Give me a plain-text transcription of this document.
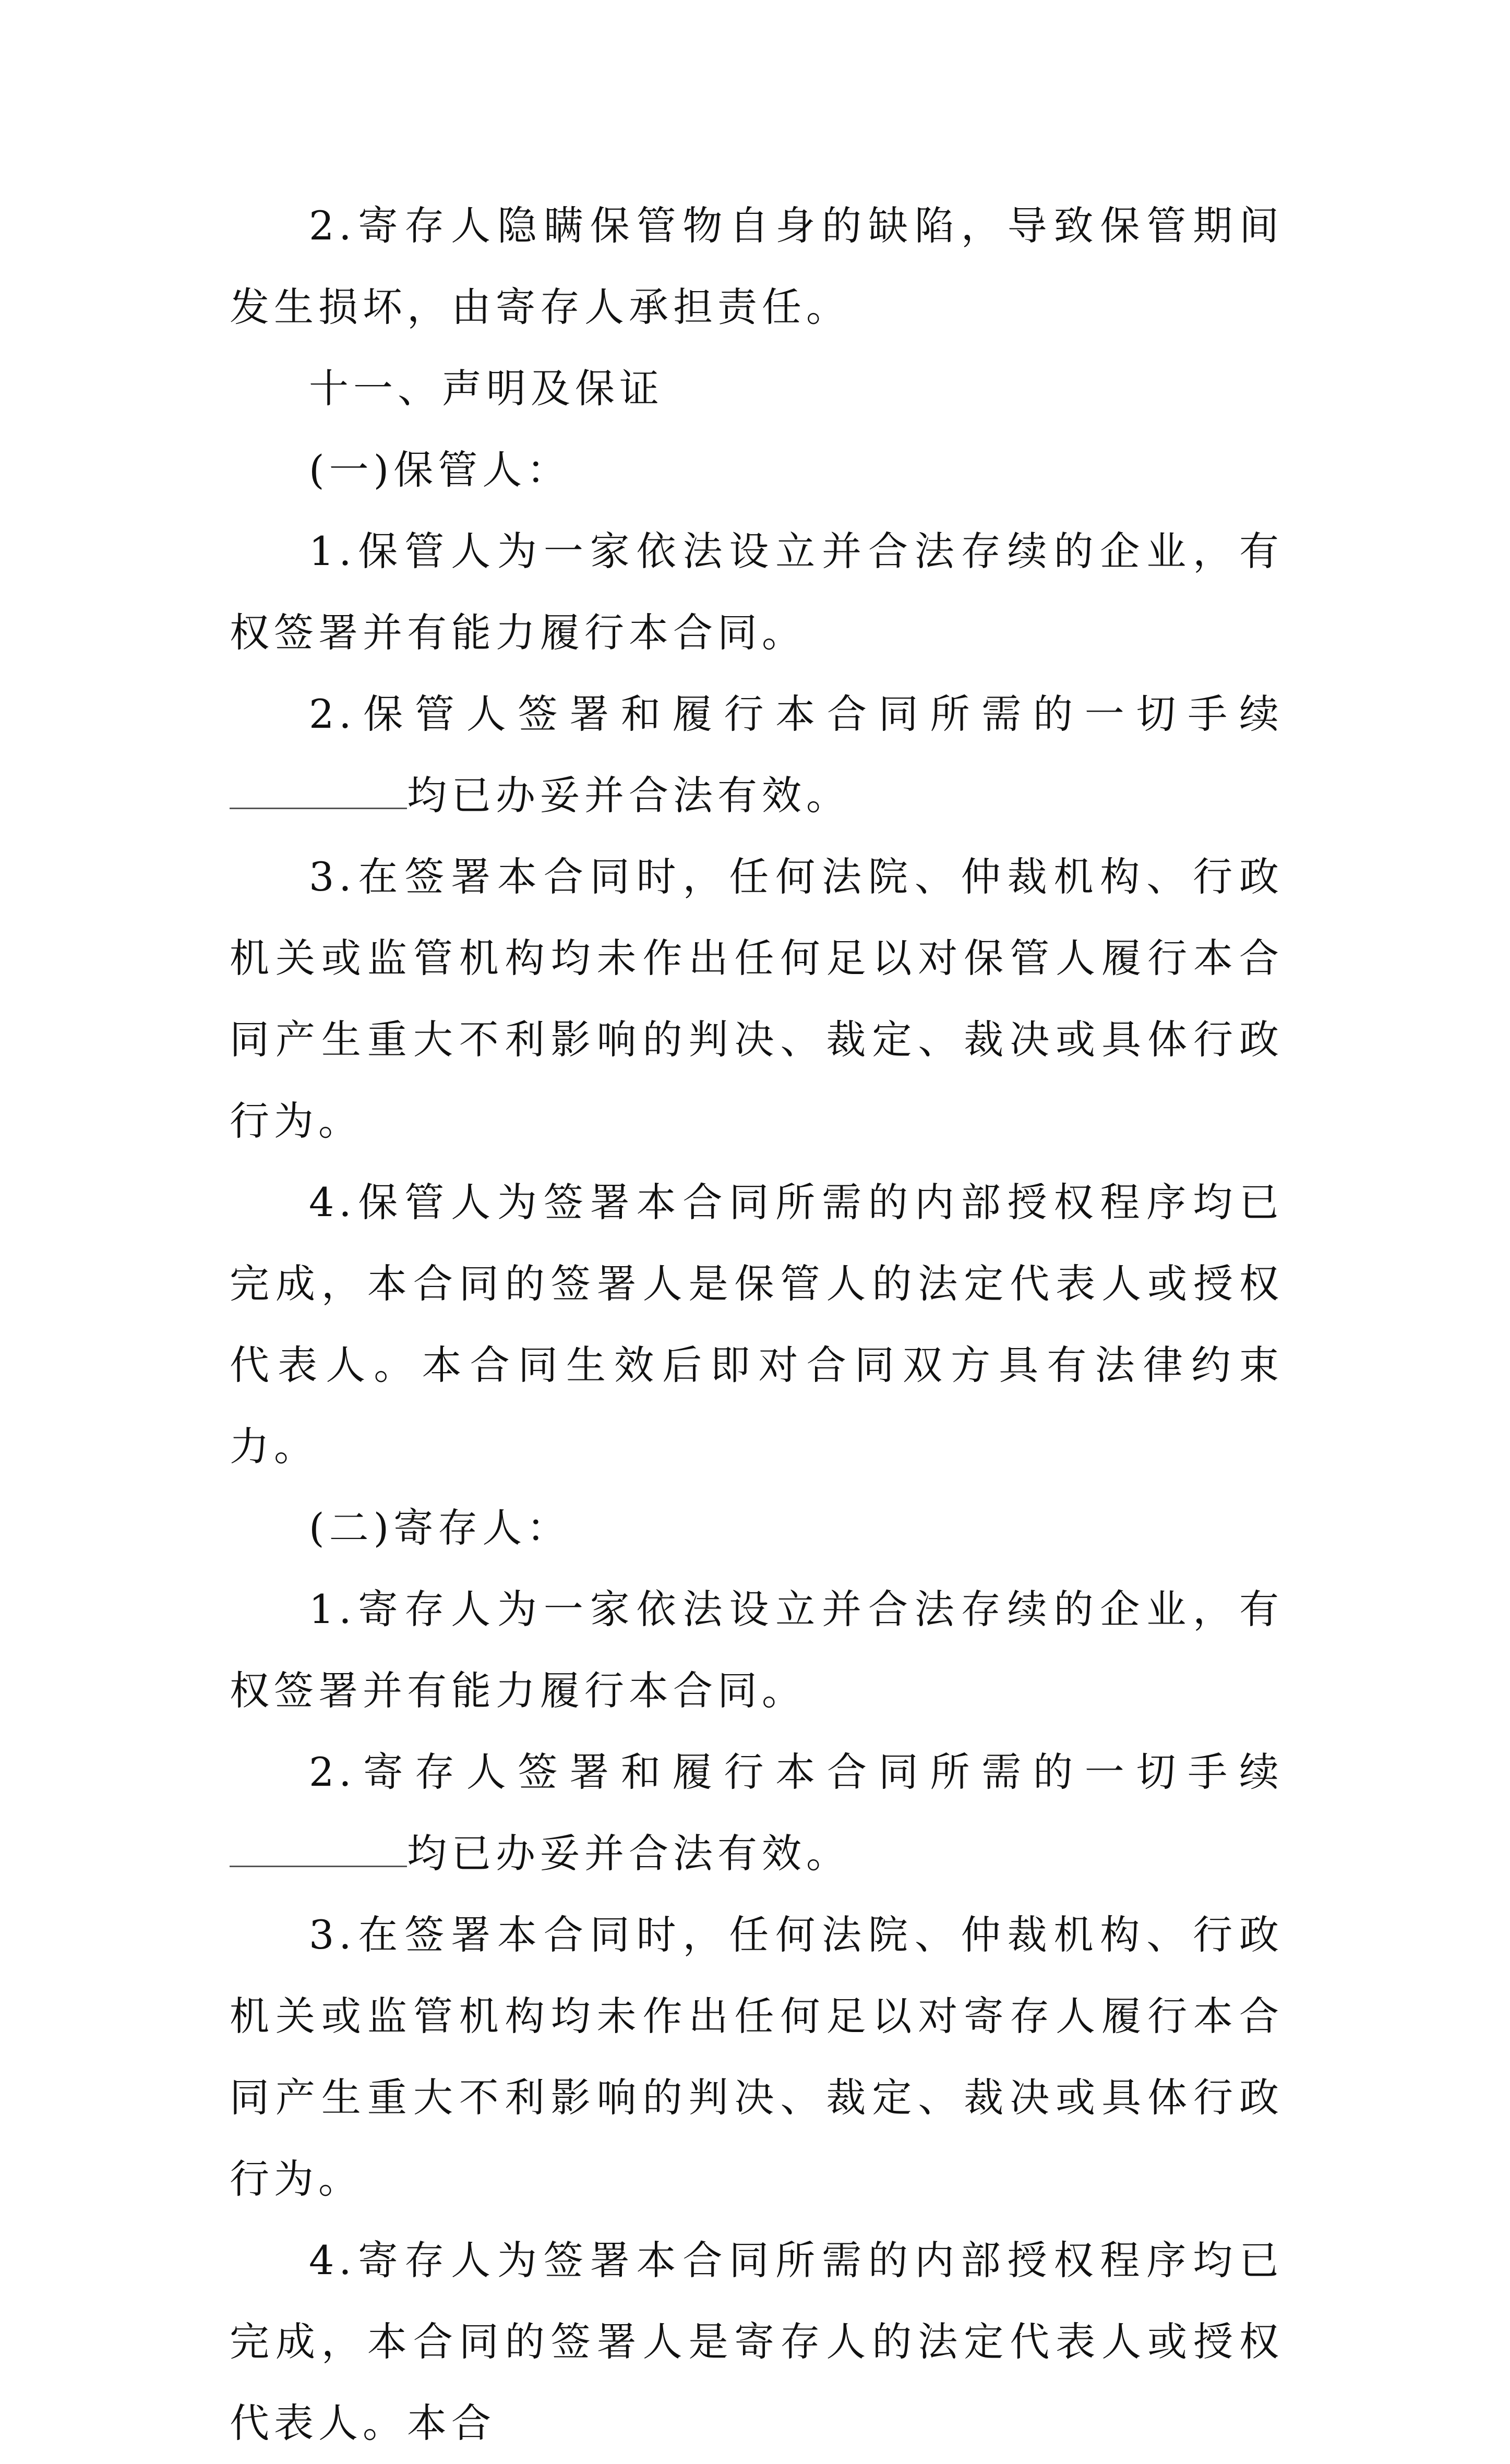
2.寄存人隐瞒保管物自身的缺陷，导致保管期间发生损坏，由寄存人承担责任。

十一、声明及保证

(一)保管人：

1.保管人为一家依法设立并合法存续的企业，有权签署并有能力履行本合同。

2.保管人签署和履行本合同所需的一切手续均已办妥并合法有效。

3.在签署本合同时，任何法院、仲裁机构、行政机关或监管机构均未作出任何足以对保管人履行本合同产生重大不利影响的判决、裁定、裁决或具体行政行为。

4.保管人为签署本合同所需的内部授权程序均已完成，本合同的签署人是保管人的法定代表人或授权代表人。本合同生效后即对合同双方具有法律约束力。

(二)寄存人：

1.寄存人为一家依法设立并合法存续的企业，有权签署并有能力履行本合同。

2.寄存人签署和履行本合同所需的一切手续均已办妥并合法有效。

3.在签署本合同时，任何法院、仲裁机构、行政机关或监管机构均未作出任何足以对寄存人履行本合同产生重大不利影响的判决、裁定、裁决或具体行政行为。

4.寄存人为签署本合同所需的内部授权程序均已完成，本合同的签署人是寄存人的法定代表人或授权代表人。本合
